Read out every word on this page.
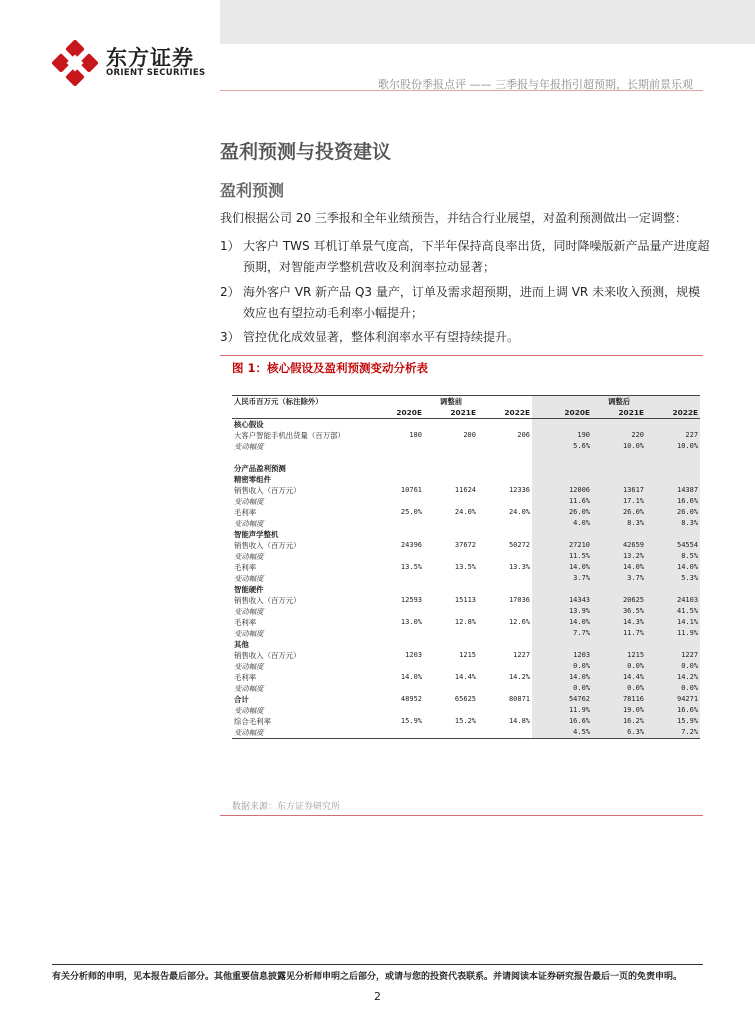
东方证券
ORIENT SECURITIES
歌尔股份季报点评 —— 三季报与年报指引超预期，长期前景乐观
盈利预测与投资建议
盈利预测

我们根据公司 20 三季报和全年业绩预告，并结合行业展望，对盈利预测做出一定调整：

1） 大客户 TWS 耳机订单景气度高，下半年保持高良率出货，同时降噪版新产品量产进度超预期，对智能声学整机营收及利润率拉动显著；

2） 海外客户 VR 新产品 Q3 量产，订单及需求超预期，进而上调 VR 未来收入预测，规模效应也有望拉动毛利率小幅提升；

3） 管控优化成效显著，整体利润率水平有望持续提升。

图 1：核心假设及盈利预测变动分析表
人民币百万元（标注除外）	调整前				调整后		
	2020E	2021E	2022E		2020E	2021E	2022E
核心假设							
大客户智能手机出货量（百万部）	180	200	206		190	220	227
变动幅度					5.6%	10.0%	10.0%

分产品盈利预测							
精密零组件							
销售收入（百万元）	10761	11624	12336		12006	13617	14387
变动幅度					11.6%	17.1%	16.6%
毛利率	25.0%	24.0%	24.0%		26.0%	26.0%	26.0%
变动幅度					4.0%	8.3%	8.3%
智能声学整机							
销售收入（百万元）	24396	37672	50272		27210	42659	54554
变动幅度					11.5%	13.2%	8.5%
毛利率	13.5%	13.5%	13.3%		14.0%	14.0%	14.0%
变动幅度					3.7%	3.7%	5.3%
智能硬件							
销售收入（百万元）	12593	15113	17036		14343	20625	24103
变动幅度					13.9%	36.5%	41.5%
毛利率	13.0%	12.8%	12.6%		14.0%	14.3%	14.1%
变动幅度					7.7%	11.7%	11.9%
其他							
销售收入（百万元）	1203	1215	1227		1203	1215	1227
变动幅度					0.0%	0.0%	0.0%
毛利率	14.0%	14.4%	14.2%		14.0%	14.4%	14.2%
变动幅度					0.0%	0.0%	0.0%
合计	48952	65625	80871		54762	78116	94271
变动幅度					11.9%	19.0%	16.6%
综合毛利率	15.9%	15.2%	14.8%		16.6%	16.2%	15.9%
变动幅度					4.5%	6.3%	7.2%
数据来源：东方证券研究所
有关分析师的申明，见本报告最后部分。其他重要信息披露见分析师申明之后部分，或请与您的投资代表联系。并请阅读本证券研究报告最后一页的免责申明。
2
